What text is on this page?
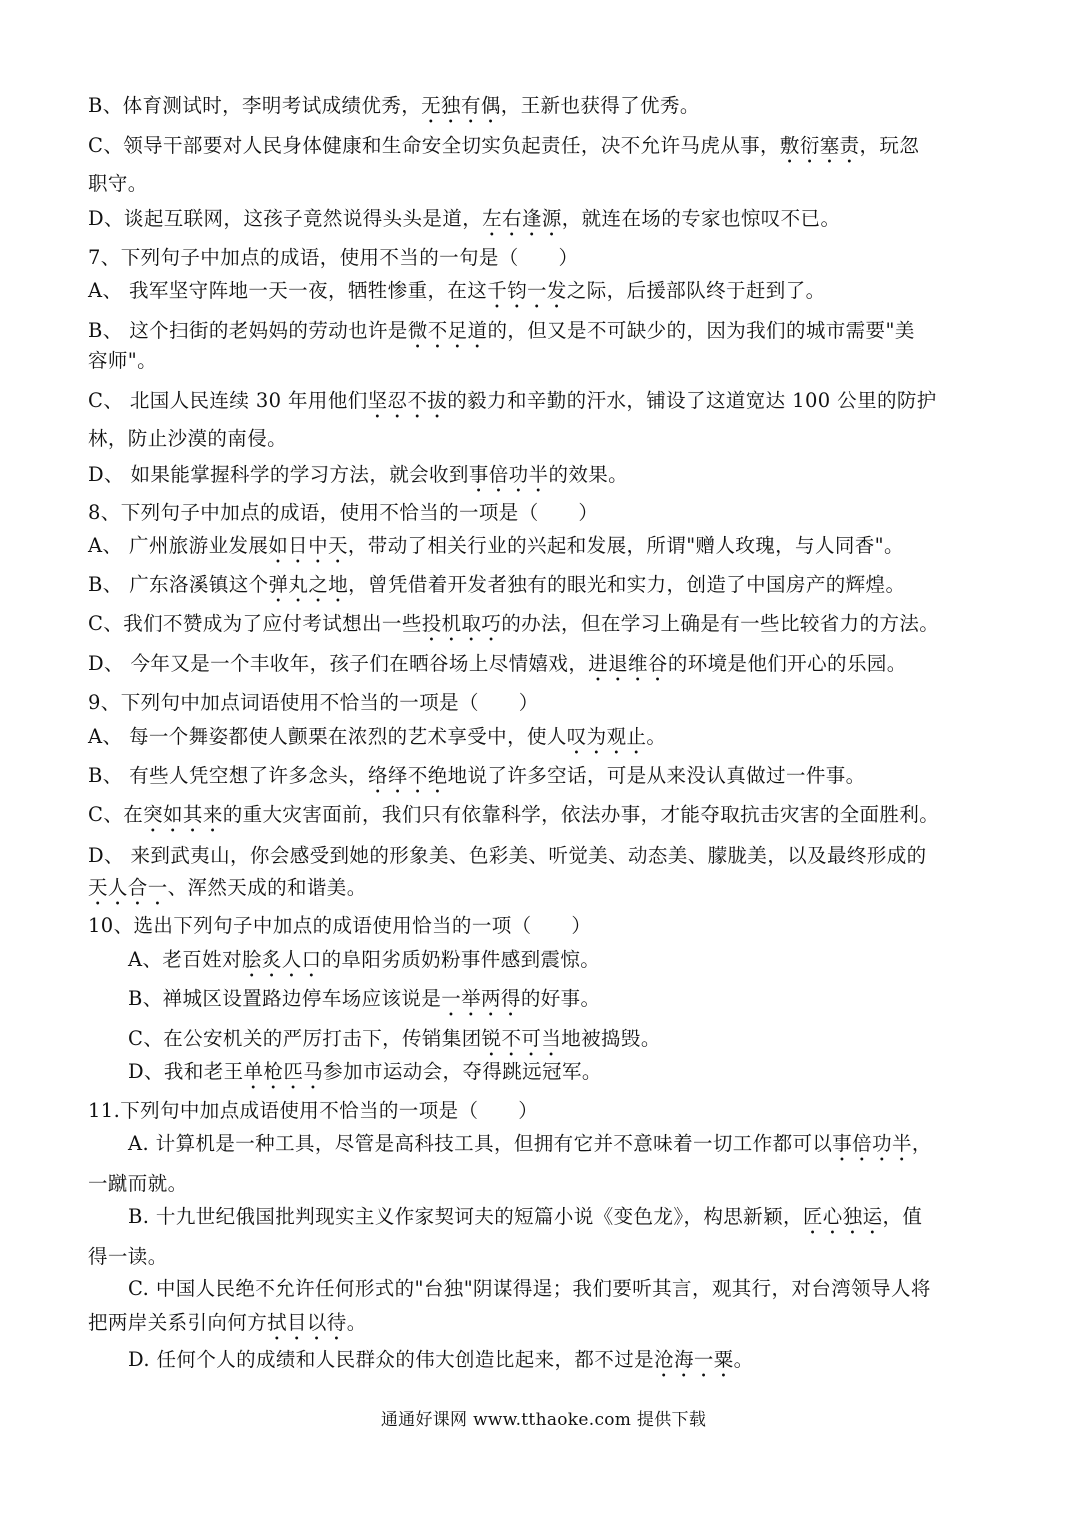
B、体育测试时，李明考试成绩优秀，无独有偶，王新也获得了优秀。
C、领导干部要对人民身体健康和生命安全切实负起责任，决不允许马虎从事，敷衍塞责，玩忽
职守。
D、谈起互联网，这孩子竟然说得头头是道，左右逢源，就连在场的专家也惊叹不已。
7、下列句子中加点的成语，使用不当的一句是（　　）
A、 我军坚守阵地一天一夜，牺牲惨重，在这千钧一发之际，后援部队终于赶到了。
B、 这个扫街的老妈妈的劳动也许是微不足道的，但又是不可缺少的，因为我们的城市需要"美
容师"。
C、 北国人民连续 30 年用他们坚忍不拔的毅力和辛勤的汗水，铺设了这道宽达 100 公里的防护
林，防止沙漠的南侵。
D、 如果能掌握科学的学习方法，就会收到事倍功半的效果。
8、下列句子中加点的成语，使用不恰当的一项是（　　）
A、 广州旅游业发展如日中天，带动了相关行业的兴起和发展，所谓"赠人玫瑰，与人同香"。
B、 广东洛溪镇这个弹丸之地，曾凭借着开发者独有的眼光和实力，创造了中国房产的辉煌。
C、我们不赞成为了应付考试想出一些投机取巧的办法，但在学习上确是有一些比较省力的方法。
D、 今年又是一个丰收年，孩子们在晒谷场上尽情嬉戏，进退维谷的环境是他们开心的乐园。
9、下列句中加点词语使用不恰当的一项是（　　）
A、 每一个舞姿都使人颤栗在浓烈的艺术享受中，使人叹为观止。
B、 有些人凭空想了许多念头，络绎不绝地说了许多空话，可是从来没认真做过一件事。
C、在突如其来的重大灾害面前，我们只有依靠科学，依法办事，才能夺取抗击灾害的全面胜利。
D、 来到武夷山，你会感受到她的形象美、色彩美、听觉美、动态美、朦胧美，以及最终形成的
天人合一、浑然天成的和谐美。
10、选出下列句子中加点的成语使用恰当的一项（　　）
A、老百姓对脍炙人口的阜阳劣质奶粉事件感到震惊。
B、禅城区设置路边停车场应该说是一举两得的好事。
C、在公安机关的严厉打击下，传销集团锐不可当地被捣毁。
D、我和老王单枪匹马参加市运动会，夺得跳远冠军。
11.下列句中加点成语使用不恰当的一项是（　　）
A. 计算机是一种工具，尽管是高科技工具，但拥有它并不意味着一切工作都可以事倍功半，
一蹴而就。
B. 十九世纪俄国批判现实主义作家契诃夫的短篇小说《变色龙》，构思新颖，匠心独运，值
得一读。
C. 中国人民绝不允许任何形式的"台独"阴谋得逞；我们要听其言，观其行，对台湾领导人将
把两岸关系引向何方拭目以待。
D. 任何个人的成绩和人民群众的伟大创造比起来，都不过是沧海一粟。
通通好课网 www.tthaoke.com 提供下载
